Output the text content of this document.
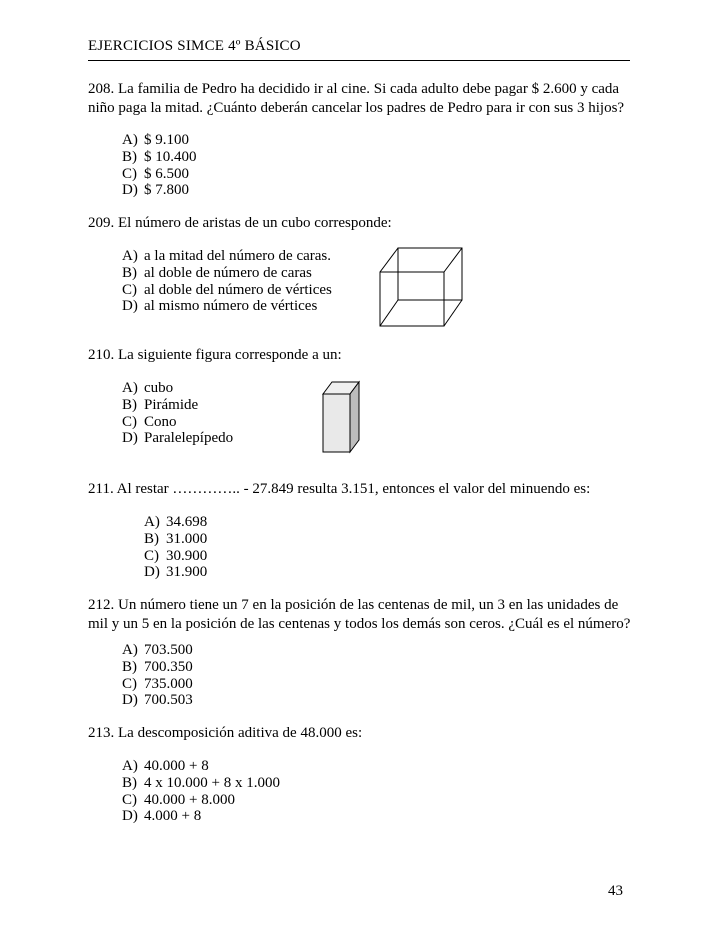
EJERCICIOS SIMCE 4º BÁSICO
208. La familia de Pedro ha decidido ir al cine. Si cada adulto debe pagar $ 2.600 y cada niño paga la mitad. ¿Cuánto deberán cancelar los padres de Pedro para ir con sus 3 hijos?
A) $ 9.100
B) $ 10.400
C) $ 6.500
D) $ 7.800
209. El número de aristas de un cubo corresponde:
A) a la mitad del número de caras.
B) al doble de número de caras
C) al doble del número de vértices
D) al mismo número de vértices
210. La siguiente figura corresponde a un:
A) cubo
B) Pirámide
C) Cono
D) Paralelepípedo
211. Al restar ………….. - 27.849 resulta 3.151, entonces el valor del minuendo es:
A) 34.698
B) 31.000
C) 30.900
D) 31.900
212. Un número tiene un 7 en la posición de las centenas de mil, un 3 en las unidades de mil y un 5 en la posición de las centenas y todos los demás son ceros. ¿Cuál es el número?
A) 703.500
B) 700.350
C) 735.000
D) 700.503
213. La descomposición aditiva de 48.000 es:
A) 40.000 + 8
B) 4 x 10.000 + 8 x 1.000
C) 40.000 + 8.000
D) 4.000 + 8
43
